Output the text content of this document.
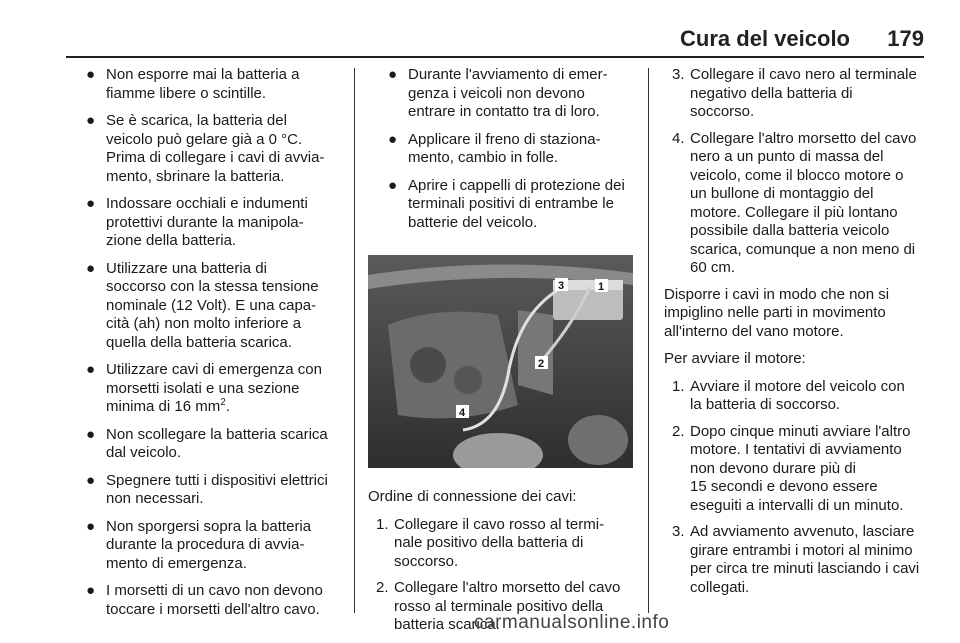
Cura del veicolo 179
● Non esporre mai la batteria a
fiamme libere o scintille.
● Se è scarica, la batteria del
veicolo può gelare già a 0 °C.
Prima di collegare i cavi di avvia-
mento, sbrinare la batteria.
● Indossare occhiali e indumenti
protettivi durante la manipola-
zione della batteria.
● Utilizzare una batteria di
soccorso con la stessa tensione
nominale (12 Volt). E una capa-
cità (ah) non molto inferiore a
quella della batteria scarica.
● Utilizzare cavi di emergenza con
morsetti isolati e una sezione
minima di 16 $mm^2$.
● Non scollegare la batteria scarica
dal veicolo.
● Spegnere tutti i dispositivi elettrici
non necessari.
● Non sporgersi sopra la batteria
durante la procedura di avvia-
mento di emergenza.
● I morsetti di un cavo non devono
toccare i morsetti dell'altro cavo.
● Durante l'avviamento di emer-
genza i veicoli non devono
entrare in contatto tra di loro.
● Applicare il freno di staziona-
mento, cambio in folle.
● Aprire i cappelli di protezione dei
terminali positivi di entrambe le
batterie del veicolo.
1
2
3
4

Ordine di connessione dei cavi:

1. Collegare il cavo rosso al termi-
nale positivo della batteria di
soccorso.
2. Collegare l'altro morsetto del cavo
rosso al terminale positivo della
batteria scarica.
3. Collegare il cavo nero al terminale
negativo della batteria di
soccorso.
4. Collegare l'altro morsetto del cavo
nero a un punto di massa del
veicolo, come il blocco motore o
un bullone di montaggio del
motore. Collegare il più lontano
possibile dalla batteria veicolo
scarica, comunque a non meno di
60 cm.

Disporre i cavi in modo che non si
impiglino nelle parti in movimento
all'interno del vano motore.

Per avviare il motore:

1. Avviare il motore del veicolo con
la batteria di soccorso.
2. Dopo cinque minuti avviare l'altro
motore. I tentativi di avviamento
non devono durare più di
15 secondi e devono essere
eseguiti a intervalli di un minuto.
3. Ad avviamento avvenuto, lasciare
girare entrambi i motori al minimo
per circa tre minuti lasciando i cavi
collegati.
carmanualsonline.info
